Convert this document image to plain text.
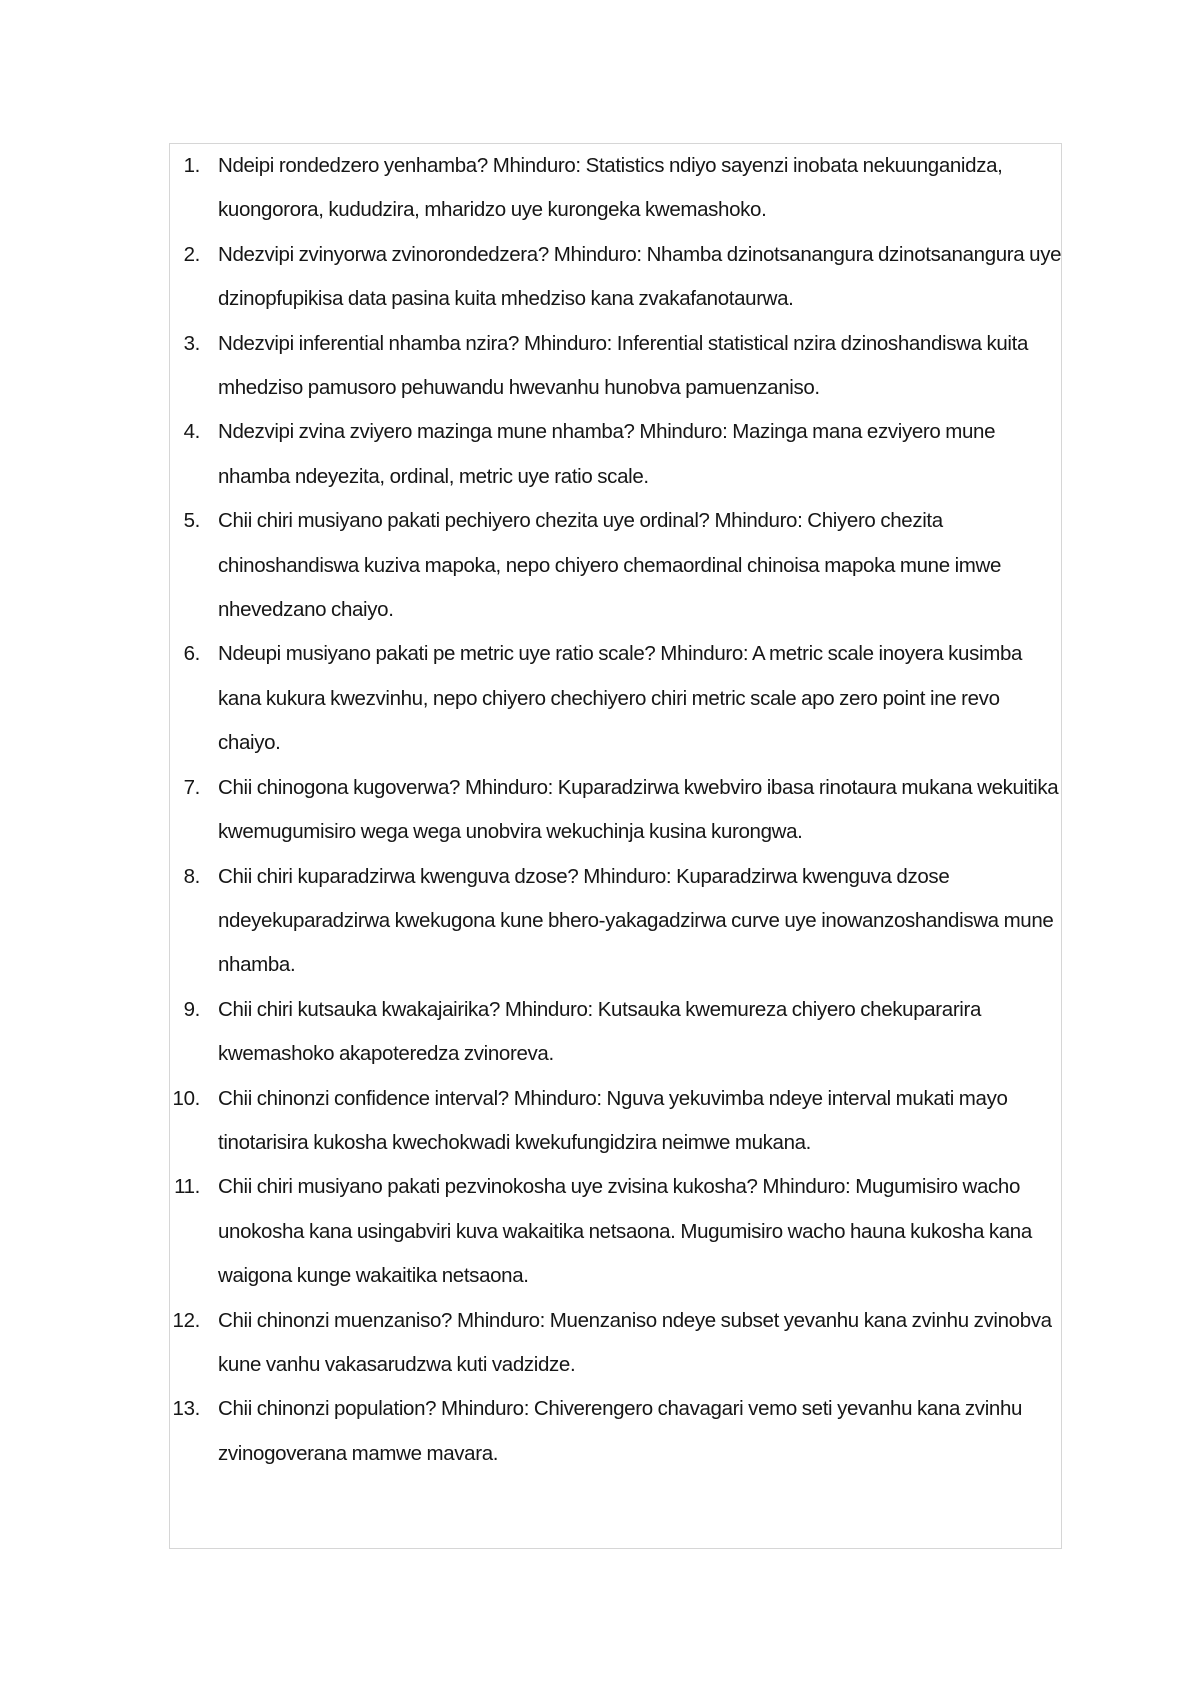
1. Ndeipi rondedzero yenhamba? Mhinduro: Statistics ndiyo sayenzi inobata nekuunganidza, kuongorora, kududzira, mharidzo uye kurongeka kwemashoko.
2. Ndezvipi zvinyorwa zvinorondedzera? Mhinduro: Nhamba dzinotsanangura dzinotsanangura uye dzinopfupikisa data pasina kuita mhedziso kana zvakafanotaurwa.
3. Ndezvipi inferential nhamba nzira? Mhinduro: Inferential statistical nzira dzinoshandiswa kuita mhedziso pamusoro pehuwandu hwevanhu hunobva pamuenzaniso.
4. Ndezvipi zvina zviyero mazinga mune nhamba? Mhinduro: Mazinga mana ezviyero mune nhamba ndeyezita, ordinal, metric uye ratio scale.
5. Chii chiri musiyano pakati pechiyero chezita uye ordinal? Mhinduro: Chiyero chezita chinoshandiswa kuziva mapoka, nepo chiyero chemaordinal chinoisa mapoka mune imwe nhevedzano chaiyo.
6. Ndeupi musiyano pakati pe metric uye ratio scale? Mhinduro: A metric scale inoyera kusimba kana kukura kwezvinhu, nepo chiyero chechiyero chiri metric scale apo zero point ine revo chaiyo.
7. Chii chinogona kugoverwa? Mhinduro: Kuparadzirwa kwebviro ibasa rinotaura mukana wekuitika kwemugumisiro wega wega unobvira wekuchinja kusina kurongwa.
8. Chii chiri kuparadzirwa kwenguva dzose? Mhinduro: Kuparadzirwa kwenguva dzose ndeyekuparadzirwa kwekugona kune bhero-yakagadzirwa curve uye inowanzoshandiswa mune nhamba.
9. Chii chiri kutsauka kwakajairika? Mhinduro: Kutsauka kwemureza chiyero chekupararira kwemashoko akapoteredza zvinoreva.
10. Chii chinonzi confidence interval? Mhinduro: Nguva yekuvimba ndeye interval mukati mayo tinotarisira kukosha kwechokwadi kwekufungidzira neimwe mukana.
11. Chii chiri musiyano pakati pezvinokosha uye zvisina kukosha? Mhinduro: Mugumisiro wacho unokosha kana usingabviri kuva wakaitika netsaona. Mugumisiro wacho hauna kukosha kana waigona kunge wakaitika netsaona.
12. Chii chinonzi muenzaniso? Mhinduro: Muenzaniso ndeye subset yevanhu kana zvinhu zvinobva kune vanhu vakasarudzwa kuti vadzidze.
13. Chii chinonzi population? Mhinduro: Chiverengero chavagari vemo seti yevanhu kana zvinhu zvinogoverana mamwe mavara.
